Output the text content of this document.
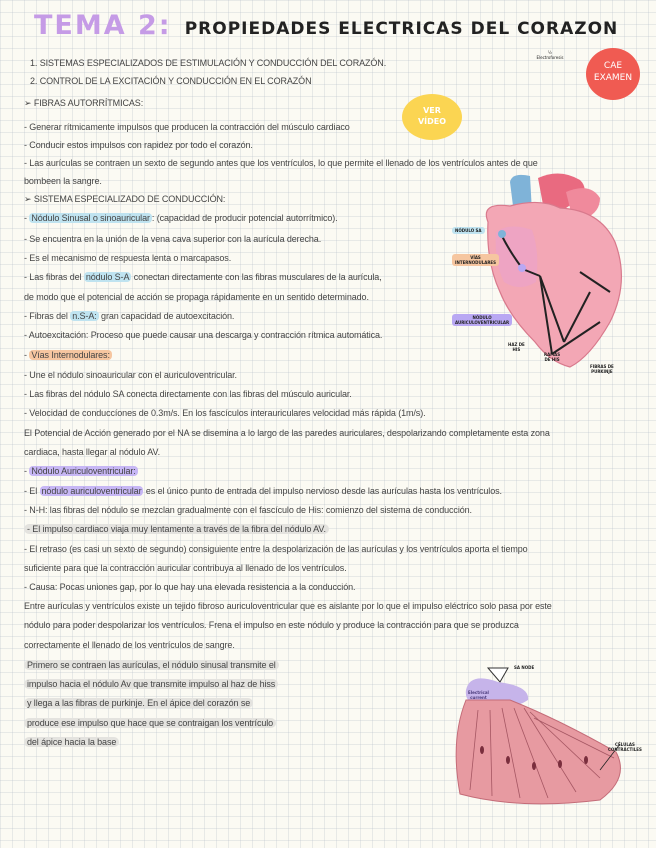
TEMA 2: PROPIEDADES ELECTRICAS DEL CORAZON
1. SISTEMAS ESPECIALIZADOS DE ESTIMULACIÓN Y CONDUCCIÓN DEL CORAZÓN.
2. CONTROL DE LA EXCITACIÓN Y CONDUCCIÓN EN EL CORAZÓN
½
Electroforesis
CAE
EXAMEN
VER
VÍDEO
➢ FIBRAS AUTORRÍTMICAS:
- Generar rítmicamente impulsos que producen la contracción del músculo cardiaco
- Conducir estos impulsos con rapidez por todo el corazón.
- Las aurículas se contraen un sexto de segundo antes que los ventrículos, lo que permite el llenado de los ventrículos antes de que
bombeen la sangre.
➢ SISTEMA ESPECIALIZADO DE CONDUCCIÓN:
- Nódulo Sinusal o sinoauricular : (capacidad de producir potencial autorrítmico).
- Se encuentra en la unión de la vena cava superior con la aurícula derecha.
- Es el mecanismo de respuesta lenta o marcapasos.
- Las fibras del nódulo S-A conectan directamente con las fibras musculares de la aurícula,
de modo que el potencial de acción se propaga rápidamente en un sentido determinado.
- Fibras del n.S-A: gran capacidad de autoexcitación.
- Autoexcitación: Proceso que puede causar una descarga y contracción rítmica automática.
- Vías Internodulares:
- Une el nódulo sinoauricular con el auriculoventricular.
- Las fibras del nódulo SA conecta directamente con las fibras del músculo auricular.
- Velocidad de conduccíones de 0.3m/s. En los fascículos interauriculares velocidad más rápida (1m/s).
El Potencial de Acción generado por el NA se disemina a lo largo de las paredes auriculares, despolarizando completamente esta zona
cardiaca, hasta llegar al nódulo AV.
- Nódulo Auriculoventricular:
- El nódulo auriculoventricular es el único punto de entrada del impulso nervioso desde las aurículas hasta los ventrículos.
- N-H: las fibras del nódulo se mezclan gradualmente con el fascículo de His: comienzo del sistema de conducción.
- El impulso cardiaco viaja muy lentamente a través de la fibra del nódulo AV.
- El retraso (es casi un sexto de segundo) consiguiente entre la despolarización de las aurículas y los ventrículos aporta el tiempo
suficiente para que la contracción auricular contribuya al llenado de los ventrículos.
- Causa: Pocas uniones gap, por lo que hay una elevada resistencia a la conducción.
Entre aurículas y ventrículos existe un tejido fibroso auriculoventricular que es aislante por lo que el impulso eléctrico solo pasa por este
nódulo para poder despolarizar los ventrículos. Frena el impulso en este nódulo y produce la contracción para que se produzca
correctamente el llenado de los ventrículos de sangre.
Primero se contraen las aurículas, el nódulo sinusal transmite el
impulso hacia el nódulo Av que transmite impulso al haz de hiss
y llega a las fibras de purkinje. En el ápice del corazón se
produce ese impulso que hace que se contraigan los ventrículo
del ápice hacia la base
NÓDULO SA
VÍAS
INTERNODULARES
NÓDULO
AURICULOVENTRICULAR
HAZ DE
HIS
RAMAS
DE HIS
FIBRAS DE
PURKINJE
SA NODE
Electrical
current
CÉLULAS
CONTRÁCTILES
